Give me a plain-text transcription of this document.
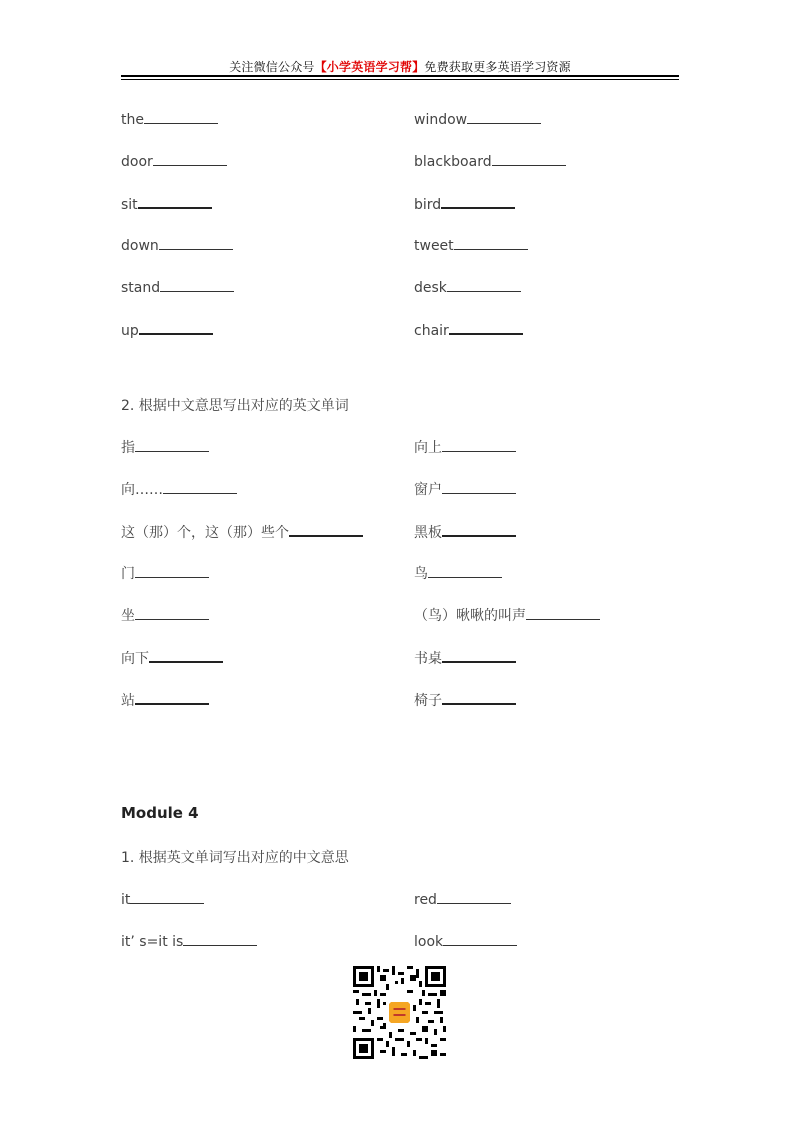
关注微信公众号【小学英语学习帮】免费获取更多英语学习资源
the	window
door	blackboard
sit	bird
down	tweet
stand	desk
up	chair
2. 根据中文意思写出对应的英文单词
指	向上
向……	窗户
这（那）个，这（那）些个	黑板
门	鸟
坐	（鸟）啾啾的叫声
向下	书桌
站	椅子
Module 4
1. 根据英文单词写出对应的中文意思
it	red
it’ s=it is	look
